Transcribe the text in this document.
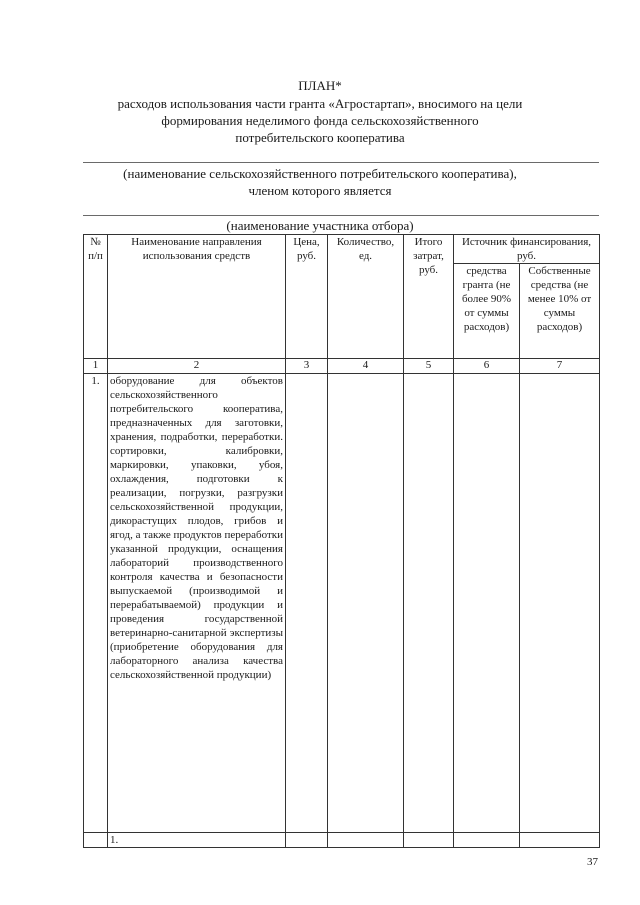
ПЛАН*
расходов использования части гранта «Агростартап», вносимого на цели
формирования неделимого фонда сельскохозяйственного
потребительского кооператива
(наименование сельскохозяйственного потребительского кооператива),
членом которого является
(наименование участника отбора)
№ п/п	Наименование направления использования средств	Цена, руб.	Количество, ед.	Итого затрат, руб.	Источник финансирования, руб.	
					средства гранта (не более 90% от суммы расходов)	Собственные средства (не менее 10% от суммы расходов)
1	2	3	4	5	6	7
1.	оборудование для объектов сельскохозяйственного потребительского кооператива, предназначенных для заготовки, хранения, подработки, переработки. сортировки, калибровки, маркировки, упаковки, убоя, охлаждения, подготовки к реализации, погрузки, разгрузки сельскохозяйственной продукции, дикорастущих плодов, грибов и ягод, а также продуктов переработки указанной продукции, оснащения лабораторий производственного контроля качества и безопасности выпускаемой (производимой и перерабатываемой) продукции и проведения государственной ветеринарно-санитарной экспертизы (приобретение оборудования для лабораторного анализа качества сельскохозяйственной продукции)					
	1.					
37
